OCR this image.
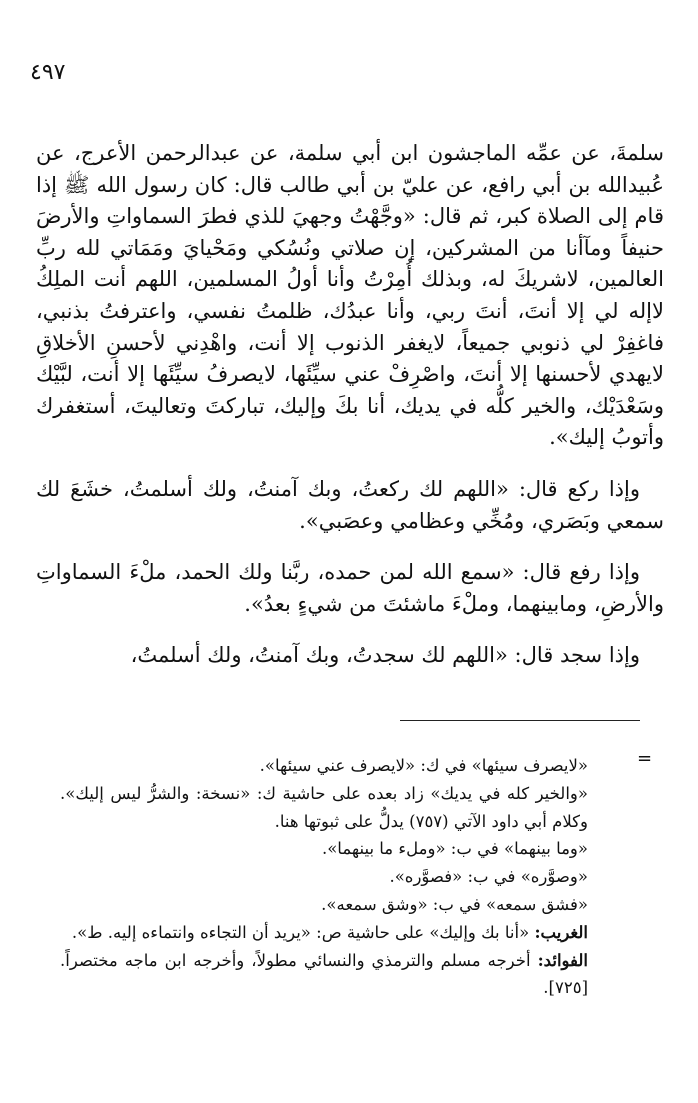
٤٩٧

سلمةَ، عن عمِّه الماجشون ابن أبي سلمة، عن عبدالرحمن الأعرج، عن عُبيدالله بن أبي رافع، عن عليّ بن أبي طالب قال: كان رسول الله ﷺ إذا قام إلى الصلاة كبر، ثم قال: «وجَّهْتُ وجهيَ للذي فطرَ السماواتِ والأرضَ حنيفاً ومآأنا من المشركين، إن صلاتي ونُسُكي ومَحْيايَ ومَمَاتي لله ربِّ العالمين، لاشريكَ له، وبذلك أُمِرْتُ وأنا أولُ المسلمين، اللهم أنت الملِكُ لاإله لي إلا أنتَ، أنتَ ربي، وأنا عبدُك، ظلمتُ نفسي، واعترفتُ بذنبي، فاغفِرْ لي ذنوبي جميعاً، لايغفر الذنوب إلا أنت، واهْدِني لأحسنِ الأخلاقِ لايهدي لأحسنها إلا أنتَ، واصْرِفْ عني سيِّئَها، لايصرفُ سيِّئَها إلا أنت، لبَّيْك وسَعْدَيْك، والخير كلُّه في يديك، أنا بكَ وإليك، تباركتَ وتعاليتَ، أستغفرك وأتوبُ إليك».

وإذا ركع قال: «اللهم لك ركعتُ، وبك آمنتُ، ولك أسلمتُ، خشَعَ لك سمعي وبَصَري، ومُخِّي وعظامي وعصَبي».

وإذا رفع قال: «سمع الله لمن حمده، ربَّنا ولك الحمد، ملْءَ السماواتِ والأرضِ، ومابينهما، وملْءَ ماشئتَ من شيءٍ بعدُ».

وإذا سجد قال: «اللهم لك سجدتُ، وبك آمنتُ، ولك أسلمتُ،

=

«لايصرف سيئها» في ك: «لايصرف عني سيئها».

«والخير كله في يديك» زاد بعده على حاشية ك: «نسخة: والشرُّ ليس إليك». وكلام أبي داود الآتي (٧٥٧) يدلُّ على ثبوتها هنا.

«وما بينهما» في ب: «وملء ما بينهما».

«وصوَّره» في ب: «فصوَّره».

«فشق سمعه» في ب: «وشق سمعه».

الغريب: «أنا بك وإليك» على حاشية ص: «يريد أن التجاءه وانتماءه إليه. ط».

الفوائد: أخرجه مسلم والترمذي والنسائي مطولاً، وأخرجه ابن ماجه مختصراً. [٧٢٥].
